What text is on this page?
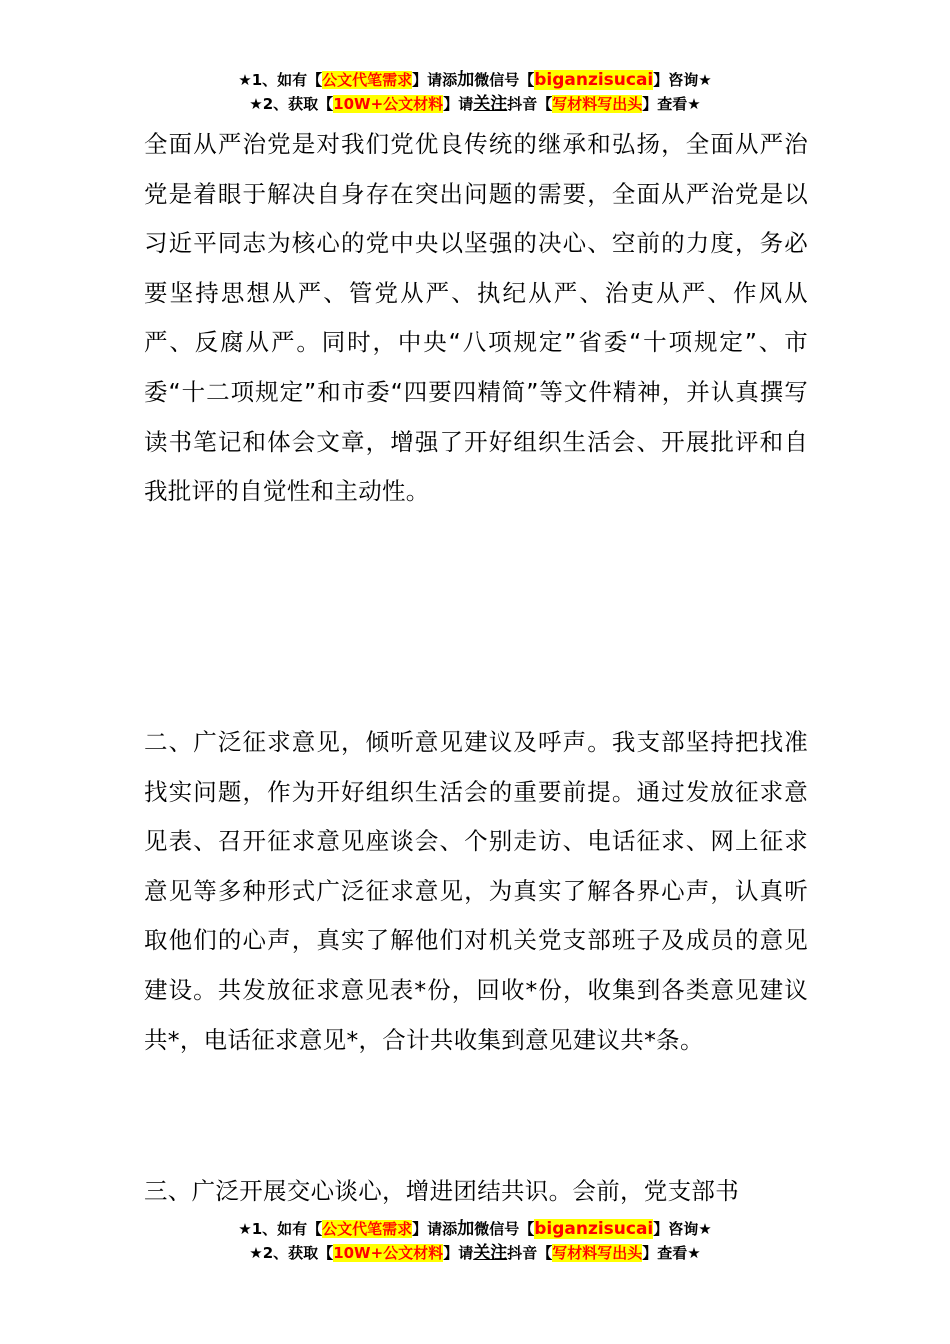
★1、如有【公文代笔需求】请添加微信号【biganzisucai】咨询★
★2、获取【10W+公文材料】请关注抖音【写材料写出头】查看★

全面从严治党是对我们党优良传统的继承和弘扬，全面从严治党是着眼于解决自身存在突出问题的需要，全面从严治党是以习近平同志为核心的党中央以坚强的决心、空前的力度，务必要坚持思想从严、管党从严、执纪从严、治吏从严、作风从严、反腐从严。同时，中央“八项规定”省委“十项规定”、市委“十二项规定”和市委“四要四精简”等文件精神，并认真撰写读书笔记和体会文章，增强了开好组织生活会、开展批评和自我批评的自觉性和主动性。

二、广泛征求意见，倾听意见建议及呼声。我支部坚持把找准找实问题，作为开好组织生活会的重要前提。通过发放征求意见表、召开征求意见座谈会、个别走访、电话征求、网上征求意见等多种形式广泛征求意见，为真实了解各界心声，认真听取他们的心声，真实了解他们对机关党支部班子及成员的意见建设。共发放征求意见表*份，回收*份，收集到各类意见建议共*，电话征求意见*，合计共收集到意见建议共*条。

三、广泛开展交心谈心，增进团结共识。会前，党支部书

★1、如有【公文代笔需求】请添加微信号【biganzisucai】咨询★
★2、获取【10W+公文材料】请关注抖音【写材料写出头】查看★
